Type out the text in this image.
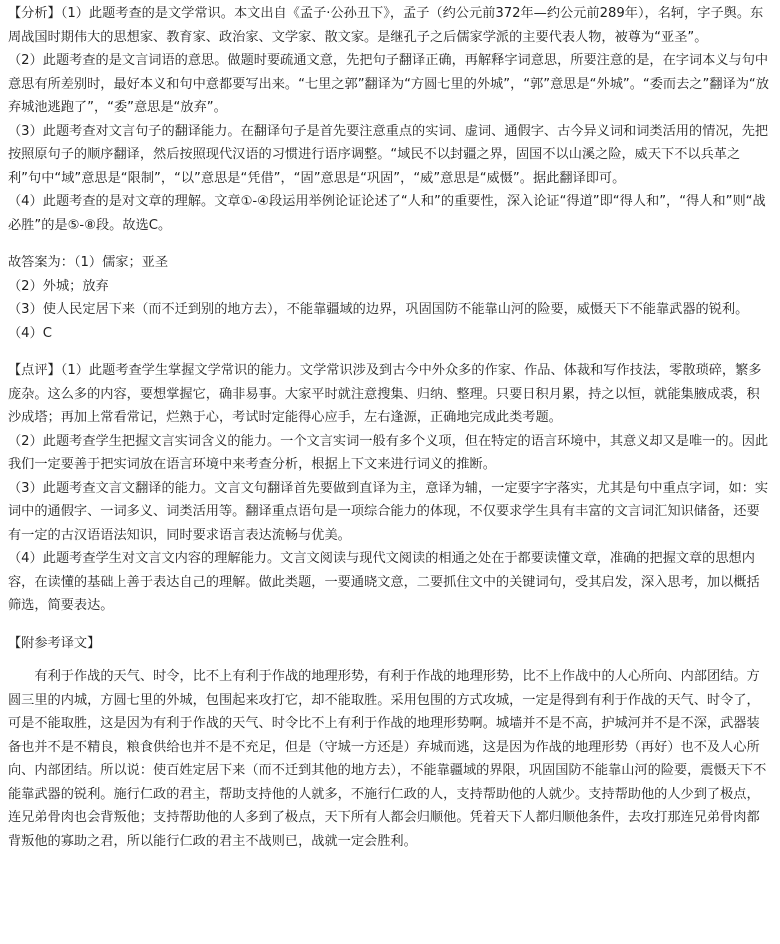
【分析】（1）此题考查的是文学常识。本文出自《孟子·公孙丑下》，孟子（约公元前372年—约公元前289年），名轲，字子舆。东周战国时期伟大的思想家、教育家、政治家、文学家、散文家。是继孔子之后儒家学派的主要代表人物，被尊为“亚圣”。
（2）此题考查的是文言词语的意思。做题时要疏通文意，先把句子翻译正确，再解释字词意思，所要注意的是，在字词本义与句中意思有所差别时，最好本义和句中意都要写出来。“七里之郭”翻译为“方圆七里的外城”，“郭”意思是“外城”。“委而去之”翻译为“放弃城池逃跑了”，“委”意思是“放弃”。
（3）此题考查对文言句子的翻译能力。在翻译句子是首先要注意重点的实词、虚词、通假字、古今异义词和词类活用的情况，先把按照原句子的顺序翻译，然后按照现代汉语的习惯进行语序调整。“域民不以封疆之界，固国不以山溪之险，威天下不以兵革之利”句中“域”意思是“限制”，“以”意思是“凭借”，“固”意思是“巩固”，“威”意思是“威慑”。据此翻译即可。
（4）此题考查的是对文章的理解。文章①-④段运用举例论证论述了“人和”的重要性，深入论证“得道”即“得人和”，“得人和”则“战必胜”的是⑤-⑧段。故选C。
故答案为：（1）儒家；亚圣
（2）外城；放弃
（3）使人民定居下来（而不迁到别的地方去），不能靠疆域的边界，巩固国防不能靠山河的险要，威慑天下不能靠武器的锐利。
（4）C
【点评】（1）此题考查学生掌握文学常识的能力。文学常识涉及到古今中外众多的作家、作品、体裁和写作技法，零散琐碎，繁多庞杂。这么多的内容，要想掌握它，确非易事。大家平时就注意搜集、归纳、整理。只要日积月累，持之以恒，就能集腋成裘，积沙成塔；再加上常看常记，烂熟于心，考试时定能得心应手，左右逢源，正确地完成此类考题。
（2）此题考查学生把握文言实词含义的能力。一个文言实词一般有多个义项，但在特定的语言环境中，其意义却又是唯一的。因此我们一定要善于把实词放在语言环境中来考查分析，根据上下文来进行词义的推断。
（3）此题考查文言文翻译的能力。文言文句翻译首先要做到直译为主，意译为辅，一定要字字落实，尤其是句中重点字词，如：实词中的通假字、一词多义、词类活用等。翻译重点语句是一项综合能力的体现，不仅要求学生具有丰富的文言词汇知识储备，还要有一定的古汉语语法知识，同时要求语言表达流畅与优美。
（4）此题考查学生对文言文内容的理解能力。文言文阅读与现代文阅读的相通之处在于都要读懂文章，准确的把握文章的思想内容，在读懂的基础上善于表达自己的理解。做此类题，一要通晓文意，二要抓住文中的关键词句，受其启发，深入思考，加以概括筛选，简要表达。
【附参考译文】
有利于作战的天气、时令，比不上有利于作战的地理形势，有利于作战的地理形势，比不上作战中的人心所向、内部团结。方圆三里的内城，方圆七里的外城，包围起来攻打它，却不能取胜。采用包围的方式攻城，一定是得到有利于作战的天气、时令了，可是不能取胜，这是因为有利于作战的天气、时令比不上有利于作战的地理形势啊。城墙并不是不高，护城河并不是不深，武器装备也并不是不精良，粮食供给也并不是不充足，但是（守城一方还是）弃城而逃，这是因为作战的地理形势（再好）也不及人心所向、内部团结。所以说：使百姓定居下来（而不迁到其他的地方去），不能靠疆域的界限，巩固国防不能靠山河的险要，震慑天下不能靠武器的锐利。施行仁政的君主，帮助支持他的人就多，不施行仁政的人，支持帮助他的人就少。支持帮助他的人少到了极点，连兄弟骨肉也会背叛他；支持帮助他的人多到了极点，天下所有人都会归顺他。凭着天下人都归顺他条件，去攻打那连兄弟骨肉都背叛他的寡助之君，所以能行仁政的君主不战则已，战就一定会胜利。
